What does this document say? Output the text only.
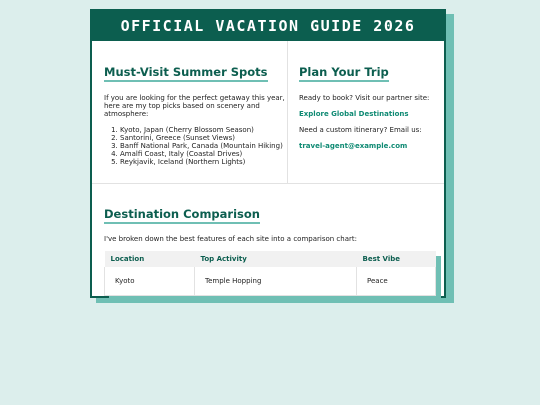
OFFICIAL VACATION GUIDE 2026
Must-Visit Summer Spots

If you are looking for the perfect getaway this year, here are my top picks based on scenery and atmosphere:

1. Kyoto, Japan (Cherry Blossom Season)
2. Santorini, Greece (Sunset Views)
3. Banff National Park, Canada (Mountain Hiking)
4. Amalfi Coast, Italy (Coastal Drives)
5. Reykjavik, Iceland (Northern Lights)
Plan Your Trip

Ready to book? Visit our partner site:

Explore Global Destinations

Need a custom itinerary? Email us:

travel-agent@example.com

Destination Comparison

I've broken down the best features of each site into a comparison chart:

Location	Top Activity	Best Vibe
Kyoto	Temple Hopping	Peace
